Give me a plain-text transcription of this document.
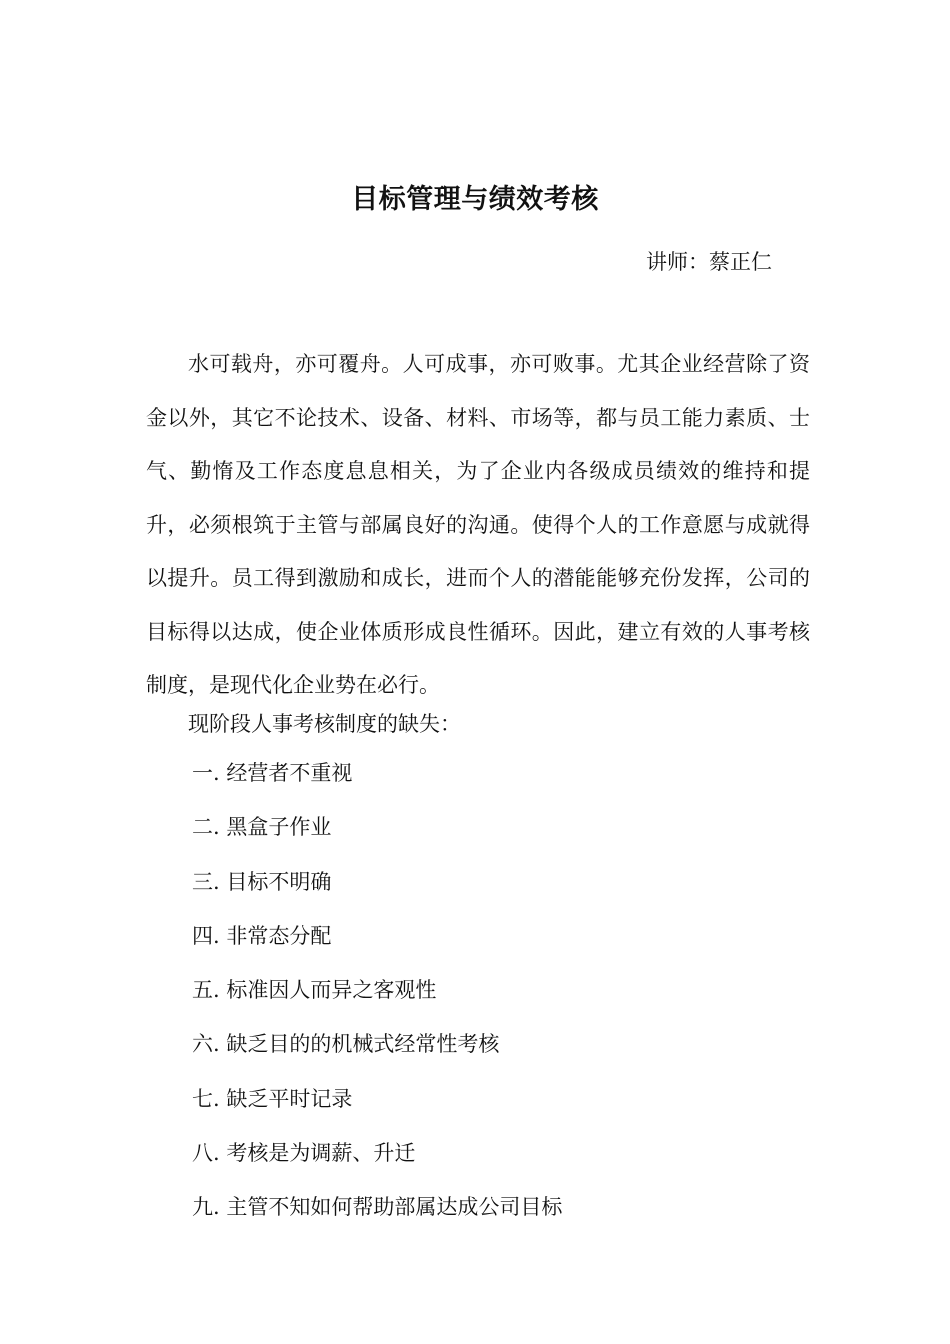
目标管理与绩效考核
讲师：蔡正仁

水可载舟，亦可覆舟。人可成事，亦可败事。尤其企业经营除了资金以外，其它不论技术、设备、材料、市场等，都与员工能力素质、士气、勤惰及工作态度息息相关，为了企业内各级成员绩效的维持和提升，必须根筑于主管与部属良好的沟通。使得个人的工作意愿与成就得以提升。员工得到激励和成长，进而个人的潜能能够充份发挥，公司的目标得以达成，使企业体质形成良性循环。因此，建立有效的人事考核制度，是现代化企业势在必行。

现阶段人事考核制度的缺失：
一. 经营者不重视
二. 黑盒子作业
三. 目标不明确
四. 非常态分配
五. 标准因人而异之客观性
六. 缺乏目的的机械式经常性考核
七. 缺乏平时记录
八. 考核是为调薪、升迁
九. 主管不知如何帮助部属达成公司目标
